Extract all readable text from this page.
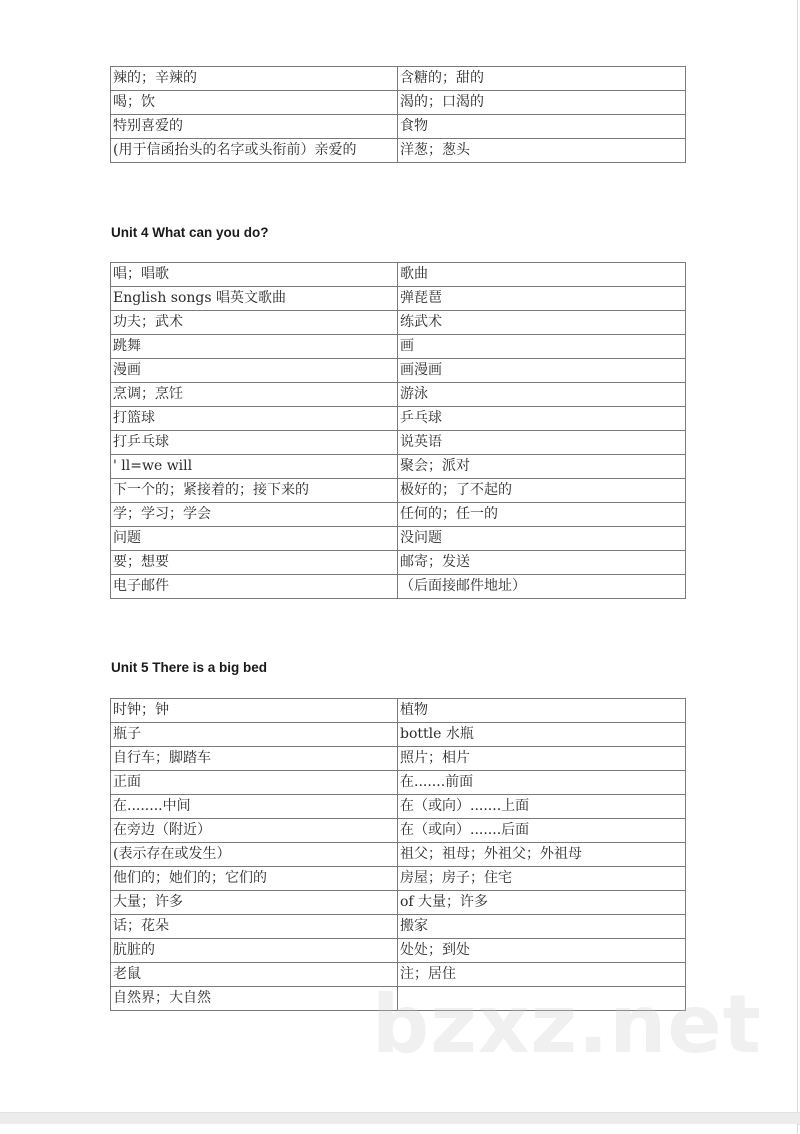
辣的；辛辣的	含糖的；甜的
喝；饮	渴的；口渴的
特别喜爱的	食物
(用于信函抬头的名字或头衔前）亲爱的	洋葱；葱头
Unit 4 What can you do?
唱；唱歌	歌曲
English songs 唱英文歌曲	弹琵琶
功夫；武术	练武术
跳舞	画
漫画	画漫画
烹调；烹饪	游泳
打篮球	乒乓球
打乒乓球	说英语
' ll=we will	聚会；派对
下一个的；紧接着的；接下来的	极好的；了不起的
学；学习；学会	任何的；任一的
问题	没问题
要；想要	邮寄；发送
电子邮件	（后面接邮件地址）
Unit 5 There is a big bed
时钟；钟	植物
瓶子	bottle 水瓶
自行车；脚踏车	照片；相片
正面	在.......前面
在........中间	在（或向）.......上面
在旁边（附近）	在（或向）.......后面
(表示存在或发生）	祖父；祖母；外祖父；外祖母
他们的；她们的；它们的	房屋；房子；住宅
大量；许多	of 大量；许多
话；花朵	搬家
肮脏的	处处；到处
老鼠	注；居住
自然界；大自然	bzxz.net
